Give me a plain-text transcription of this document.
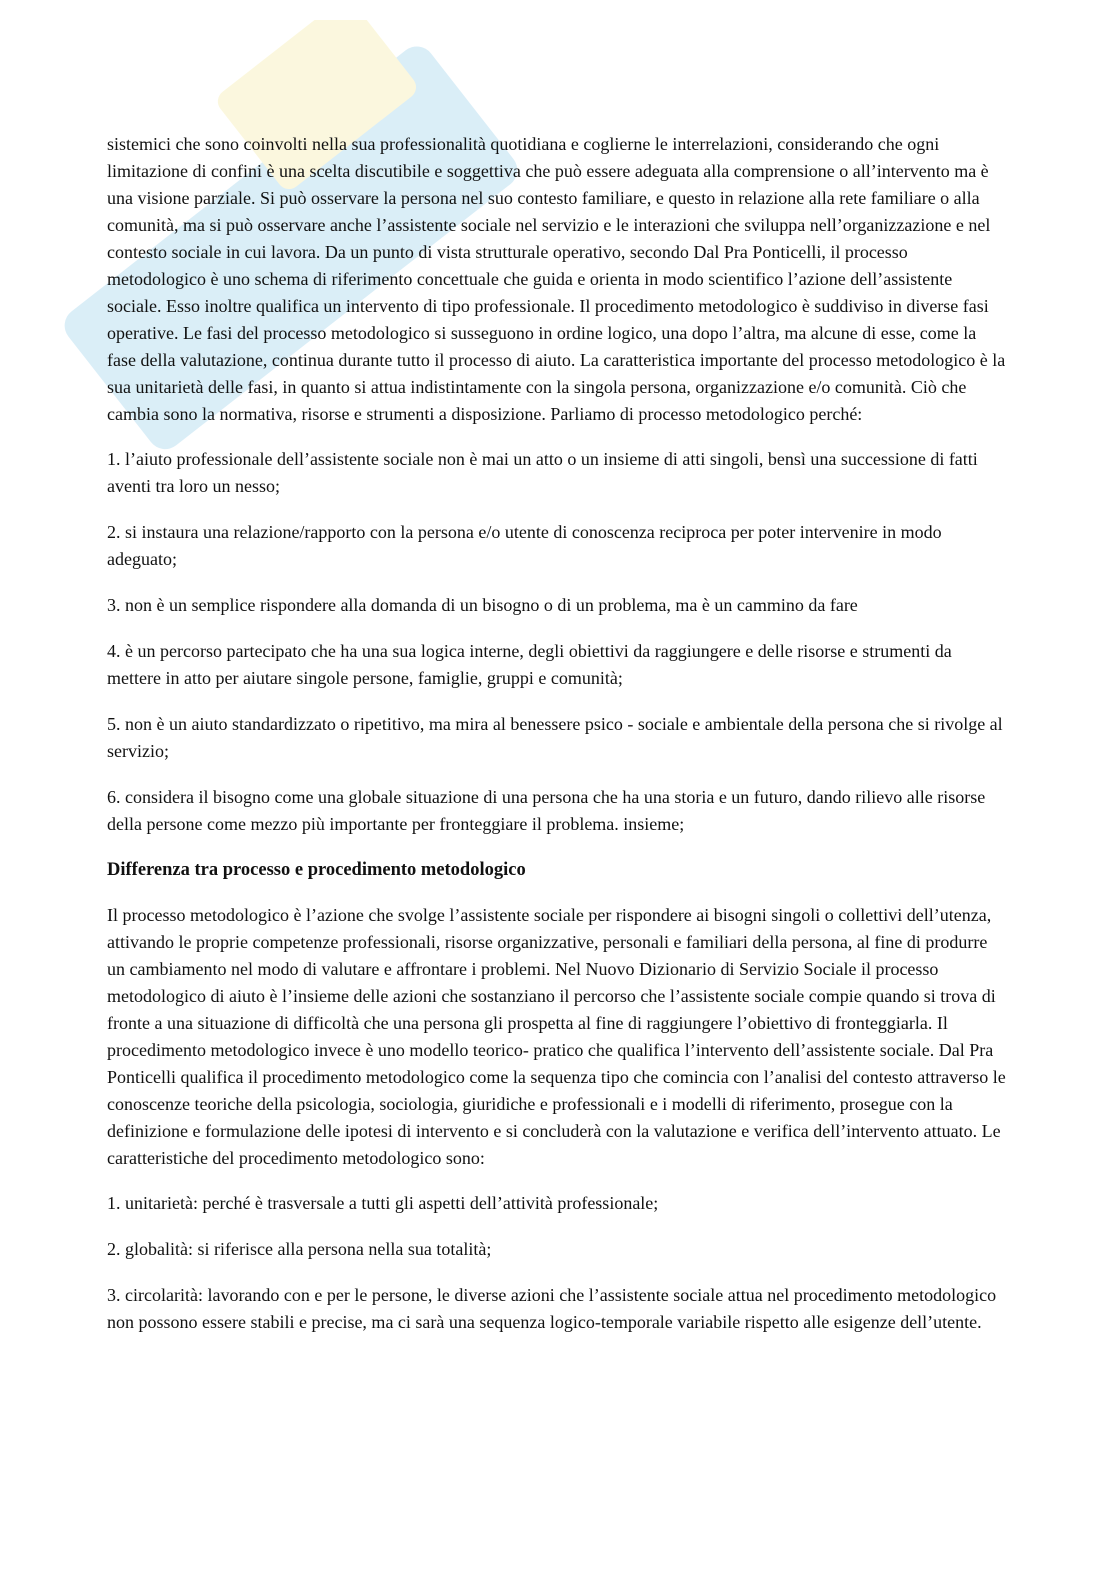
sistemici che sono coinvolti nella sua professionalità quotidiana e coglierne le interrelazioni, considerando che ogni limitazione di confini è una scelta discutibile e soggettiva che può essere adeguata alla comprensione o all’intervento ma è una visione parziale. Si può osservare la persona nel suo contesto familiare, e questo in relazione alla rete familiare o alla comunità, ma si può osservare anche l’assistente sociale nel servizio e le interazioni che sviluppa nell’organizzazione e nel contesto sociale in cui lavora. Da un punto di vista strutturale operativo, secondo Dal Pra Ponticelli, il processo metodologico è uno schema di riferimento concettuale che guida e orienta in modo scientifico l’azione dell’assistente sociale. Esso inoltre qualifica un intervento di tipo professionale. Il procedimento metodologico è suddiviso in diverse fasi operative. Le fasi del processo metodologico si susseguono in ordine logico, una dopo l’altra, ma alcune di esse, come la fase della valutazione, continua durante tutto il processo di aiuto. La caratteristica importante del processo metodologico è la sua unitarietà delle fasi, in quanto si attua indistintamente con la singola persona, organizzazione e/o comunità. Ciò che cambia sono la normativa, risorse e strumenti a disposizione. Parliamo di processo metodologico perché:

1. l’aiuto professionale dell’assistente sociale non è mai un atto o un insieme di atti singoli, bensì una successione di fatti aventi tra loro un nesso;

2. si instaura una relazione/rapporto con la persona e/o utente di conoscenza reciproca per poter intervenire in modo adeguato;

3. non è un semplice rispondere alla domanda di un bisogno o di un problema, ma è un cammino da fare

4. è un percorso partecipato che ha una sua logica interne, degli obiettivi da raggiungere e delle risorse e strumenti da mettere in atto per aiutare singole persone, famiglie, gruppi e comunità;

5. non è un aiuto standardizzato o ripetitivo, ma mira al benessere psico - sociale e ambientale della persona che si rivolge al servizio;

6. considera il bisogno come una globale situazione di una persona che ha una storia e un futuro, dando rilievo alle risorse della persone come mezzo più importante per fronteggiare il problema. insieme;

Differenza tra processo e procedimento metodologico

Il processo metodologico è l’azione che svolge l’assistente sociale per rispondere ai bisogni singoli o collettivi dell’utenza, attivando le proprie competenze professionali, risorse organizzative, personali e familiari della persona, al fine di produrre un cambiamento nel modo di valutare e affrontare i problemi. Nel Nuovo Dizionario di Servizio Sociale il processo metodologico di aiuto è l’insieme delle azioni che sostanziano il percorso che l’assistente sociale compie quando si trova di fronte a una situazione di difficoltà che una persona gli prospetta al fine di raggiungere l’obiettivo di fronteggiarla. Il procedimento metodologico invece è uno modello teorico- pratico che qualifica l’intervento dell’assistente sociale. Dal Pra Ponticelli qualifica il procedimento metodologico come la sequenza tipo che comincia con l’analisi del contesto attraverso le conoscenze teoriche della psicologia, sociologia, giuridiche e professionali e i modelli di riferimento, prosegue con la definizione e formulazione delle ipotesi di intervento e si concluderà con la valutazione e verifica dell’intervento attuato. Le caratteristiche del procedimento metodologico sono:

1. unitarietà: perché è trasversale a tutti gli aspetti dell’attività professionale;

2. globalità: si riferisce alla persona nella sua totalità;

3. circolarità: lavorando con e per le persone, le diverse azioni che l’assistente sociale attua nel procedimento metodologico non possono essere stabili e precise, ma ci sarà una sequenza logico-temporale variabile rispetto alle esigenze dell’utente.
